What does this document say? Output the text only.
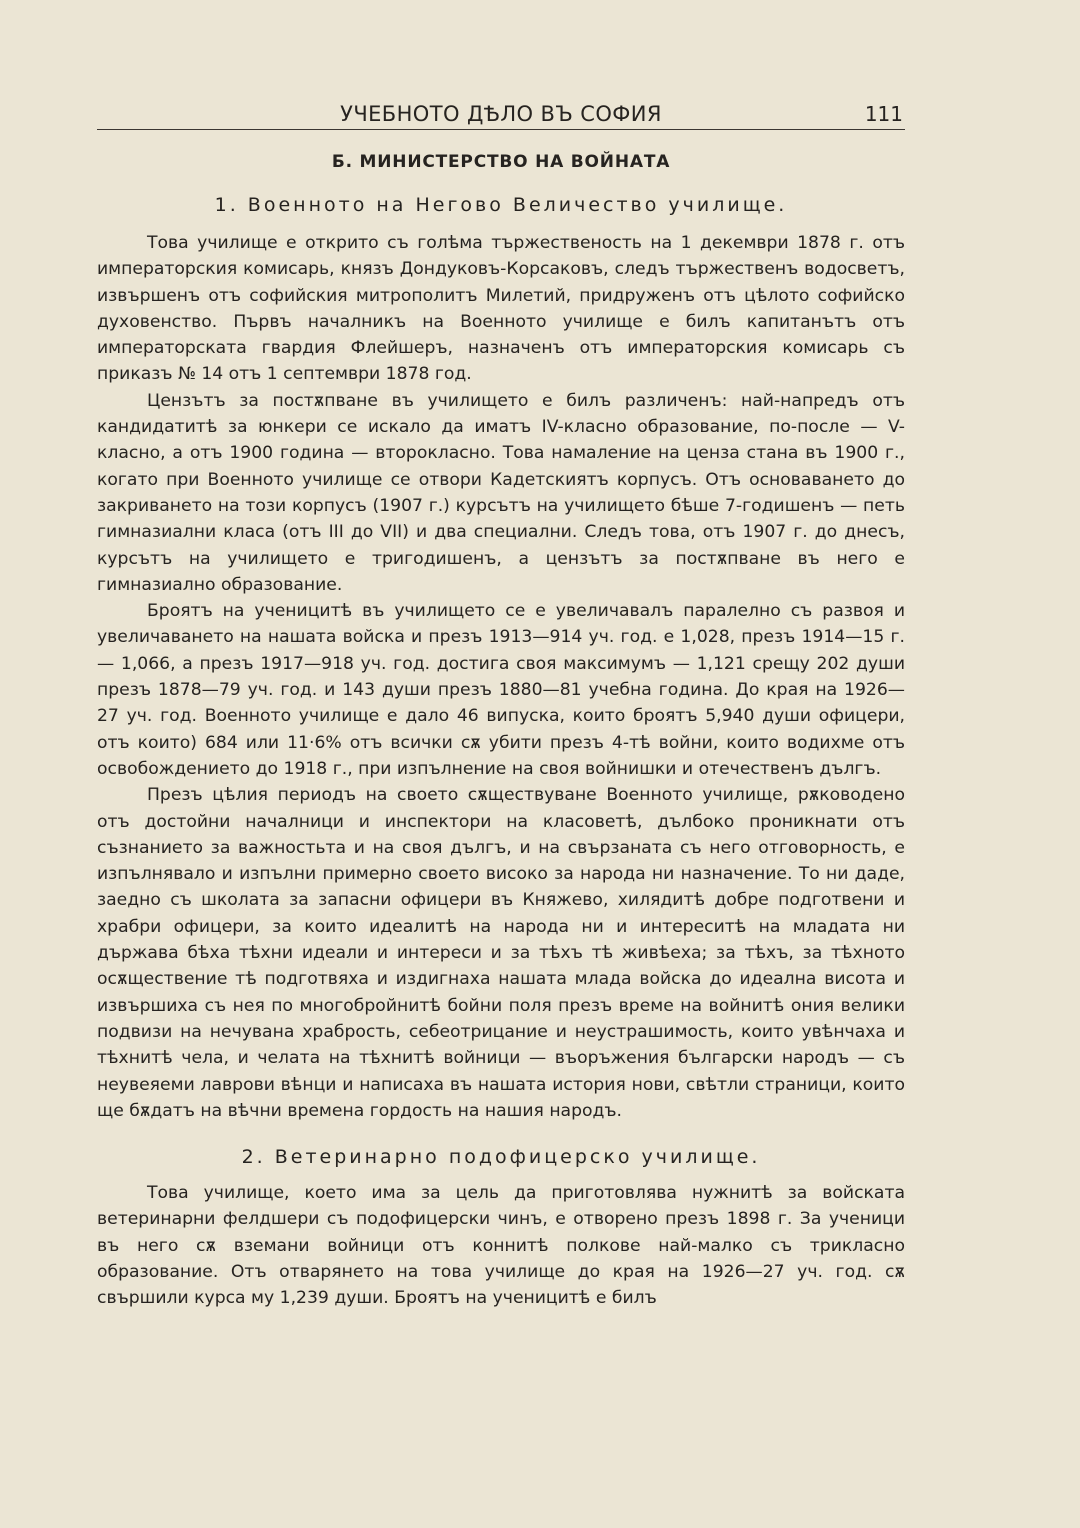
УЧЕБНОТО ДѢЛО ВЪ СОФИЯ	111
Б. МИНИСТЕРСТВО НА ВОЙНАТА
1. Военното на Негово Величество училище.

Това училище е открито съ голѣма тържественость на 1 декември 1878 г. отъ императорския комисарь, князъ Дондуковъ-Корсаковъ, следъ тържественъ водосветъ, извършенъ отъ софийския митрополитъ Милетий, придруженъ отъ цѣлото софийско духовенство. Първъ началникъ на Военното училище е билъ капитанътъ отъ императорската гвардия Флейшеръ, назначенъ отъ императорския комисарь съ приказъ № 14 отъ 1 септември 1878 год.

Цензътъ за постѫпване въ училището е билъ различенъ: най-напредъ отъ кандидатитѣ за юнкери се искало да иматъ IV-класно образование, по-после — V-класно, а отъ 1900 година — второкласно. Това намаление на ценза стана въ 1900 г., когато при Военното училище се отвори Кадетскиятъ корпусъ. Отъ основаването до закриването на този корпусъ (1907 г.) курсътъ на училището бѣше 7-годишенъ — петь гимназиални класа (отъ III до VII) и два специални. Следъ това, отъ 1907 г. до днесъ, курсътъ на училището е тригодишенъ, а цензътъ за постѫпване въ него е гимназиално образование.

Броятъ на ученицитѣ въ училището се е увеличавалъ паралелно съ развоя и увеличаването на нашата войска и презъ 1913—914 уч. год. е 1,028, презъ 1914—15 г. — 1,066, а презъ 1917—918 уч. год. достига своя максимумъ — 1,121 срещу 202 души презъ 1878—79 уч. год. и 143 души презъ 1880—81 учебна година. До края на 1926—27 уч. год. Военното училище е дало 46 випуска, които броятъ 5,940 души офицери, отъ които) 684 или 11·6% отъ всички сѫ убити презъ 4-тѣ войни, които водихме отъ освобождението до 1918 г., при изпълнение на своя войнишки и отечественъ дългъ.

Презъ цѣлия периодъ на своето сѫществуване Военното училище, рѫководено отъ достойни началници и инспектори на класоветѣ, дълбоко проникнати отъ съзнанието за важностьта и на своя дългъ, и на свързаната съ него отговорность, е изпълнявало и изпълни примерно своето високо за народа ни назначение. То ни даде, заедно съ школата за запасни офицери въ Княжево, хилядитѣ добре подготвени и храбри офицери, за които идеалитѣ на народа ни и интереситѣ на младата ни държава бѣха тѣхни идеали и интереси и за тѣхъ тѣ живѣеха; за тѣхъ, за тѣхното осѫществение тѣ подготвяха и издигнаха нашата млада войска до идеална висота и извършиха съ нея по многобройнитѣ бойни поля презъ време на войнитѣ ония велики подвизи на нечувана храбрость, себеотрицание и неустрашимость, които увѣнчаха и тѣхнитѣ чела, и челата на тѣхнитѣ войници — въоръжения български народъ — съ неувеяеми лаврови вѣнци и написаха въ нашата история нови, свѣтли страници, които ще бѫдатъ на вѣчни времена гордость на нашия народъ.

2. Ветеринарно подофицерско училище.

Това училище, което има за цель да приготовлява нужнитѣ за войската ветеринарни фелдшери съ подофицерски чинъ, е отворено презъ 1898 г. За ученици въ него сѫ вземани войници отъ коннитѣ полкове най-малко съ трикласно образование. Отъ отварянето на това училище до края на 1926—27 уч. год. сѫ свършили курса му 1,239 души. Броятъ на ученицитѣ е билъ
